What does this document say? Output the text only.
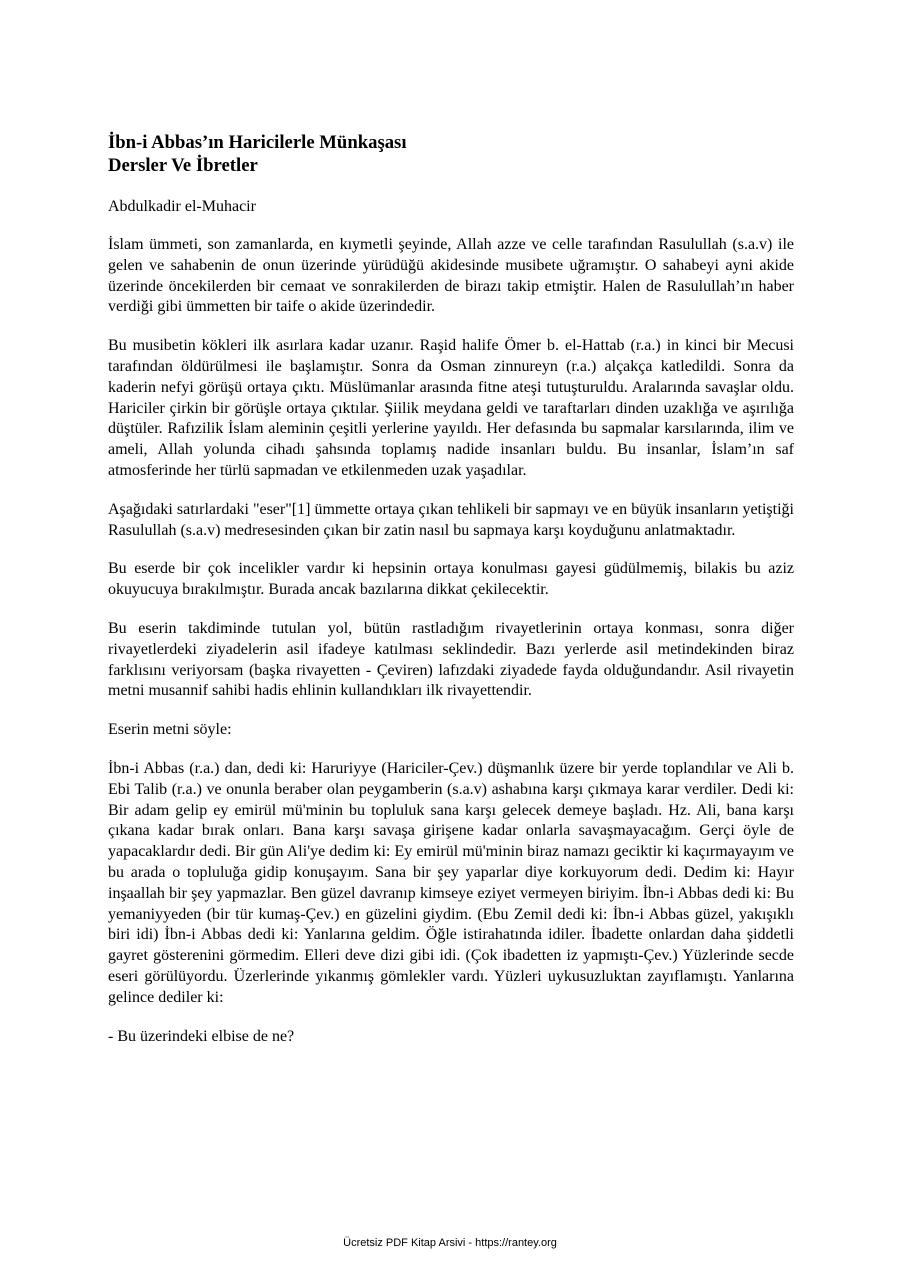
İbn-i Abbas’ın Haricilerle Münkaşası
Dersler Ve İbretler

Abdulkadir el-Muhacir

İslam ümmeti, son zamanlarda, en kıymetli şeyinde, Allah azze ve celle tarafından Rasulullah (s.a.v) ile gelen ve sahabenin de onun üzerinde yürüdüğü akidesinde musibete uğramıştır. O sahabeyi ayni akide üzerinde öncekilerden bir cemaat ve sonrakilerden de birazı takip etmiştir. Halen de Rasulullah’ın haber verdiği gibi ümmetten bir taife o akide üzerindedir.

Bu musibetin kökleri ilk asırlara kadar uzanır. Raşid halife Ömer b. el-Hattab (r.a.) in kinci bir Mecusi tarafından öldürülmesi ile başlamıştır. Sonra da Osman zinnureyn (r.a.) alçakça katledildi. Sonra da kaderin nefyi görüşü ortaya çıktı. Müslümanlar arasında fitne ateşi tutuşturuldu. Aralarında savaşlar oldu. Hariciler çirkin bir görüşle ortaya çıktılar. Şiilik meydana geldi ve taraftarları dinden uzaklığa ve aşırılığa düştüler. Rafızilik İslam aleminin çeşitli yerlerine yayıldı. Her defasında bu sapmalar karsılarında, ilim ve ameli, Allah yolunda cihadı şahsında toplamış nadide insanları buldu. Bu insanlar, İslam’ın saf atmosferinde her türlü sapmadan ve etkilenmeden uzak yaşadılar.

Aşağıdaki satırlardaki "eser"[1] ümmette ortaya çıkan tehlikeli bir sapmayı ve en büyük insanların yetiştiği Rasulullah (s.a.v) medresesinden çıkan bir zatin nasıl bu sapmaya karşı koyduğunu anlatmaktadır.

Bu eserde bir çok incelikler vardır ki hepsinin ortaya konulması gayesi güdülmemiş, bilakis bu aziz okuyucuya bırakılmıştır. Burada ancak bazılarına dikkat çekilecektir.

Bu eserin takdiminde tutulan yol, bütün rastladığım rivayetlerinin ortaya konması, sonra diğer rivayetlerdeki ziyadelerin asil ifadeye katılması seklindedir. Bazı yerlerde asil metindekinden biraz farklısını veriyorsam (başka rivayetten - Çeviren) lafızdaki ziyadede fayda olduğundandır. Asil rivayetin metni musannif sahibi hadis ehlinin kullandıkları ilk rivayettendir.

Eserin metni söyle:

İbn-i Abbas (r.a.) dan, dedi ki: Haruriyye (Hariciler-Çev.) düşmanlık üzere bir yerde toplandılar ve Ali b. Ebi Talib (r.a.) ve onunla beraber olan peygamberin (s.a.v) ashabına karşı çıkmaya karar verdiler. Dedi ki: Bir adam gelip ey emirül mü'minin bu topluluk sana karşı gelecek demeye başladı. Hz. Ali, bana karşı çıkana kadar bırak onları. Bana karşı savaşa girişene kadar onlarla savaşmayacağım. Gerçi öyle de yapacaklardır dedi. Bir gün Ali'ye dedim ki: Ey emirül mü'minin biraz namazı geciktir ki kaçırmayayım ve bu arada o topluluğa gidip konuşayım. Sana bir şey yaparlar diye korkuyorum dedi. Dedim ki: Hayır inşaallah bir şey yapmazlar. Ben güzel davranıp kimseye eziyet vermeyen biriyim. İbn-i Abbas dedi ki: Bu yemaniyyeden (bir tür kumaş-Çev.) en güzelini giydim. (Ebu Zemil dedi ki: İbn-i Abbas güzel, yakışıklı biri idi) İbn-i Abbas dedi ki: Yanlarına geldim. Öğle istirahatında idiler. İbadette onlardan daha şiddetli gayret gösterenini görmedim. Elleri deve dizi gibi idi. (Çok ibadetten iz yapmıştı-Çev.) Yüzlerinde secde eseri görülüyordu. Üzerlerinde yıkanmış gömlekler vardı. Yüzleri uykusuzluktan zayıflamıştı. Yanlarına gelince dediler ki:

- Bu üzerindeki elbise de ne?

Ücretsiz PDF Kitap Arsivi - https://rantey.org
